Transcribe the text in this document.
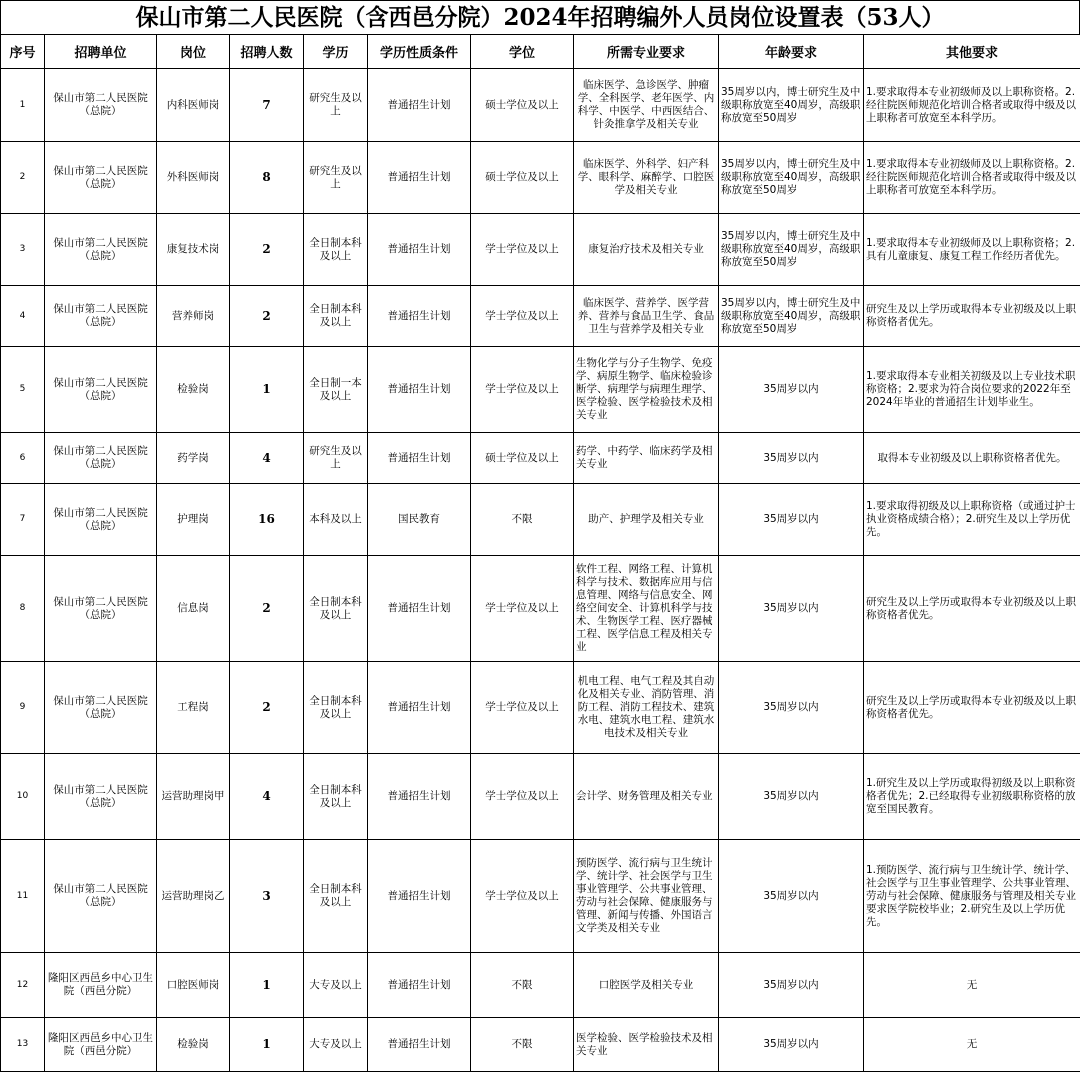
保山市第二人民医院（含西邑分院）2024年招聘编外人员岗位设置表（53人）
序号	招聘单位	岗位	招聘人数	学历	学历性质条件	学位	所需专业要求	年龄要求	其他要求
1	保山市第二人民医院（总院）	内科医师岗	7	研究生及以上	普通招生计划	硕士学位及以上	临床医学、急诊医学、肿瘤学、全科医学、老年医学、内科学、中医学、中西医结合、针灸推拿学及相关专业	35周岁以内，博士研究生及中级职称放宽至40周岁，高级职称放宽至50周岁	1.要求取得本专业初级师及以上职称资格。2.经往院医师规范化培训合格者或取得中级及以上职称者可放宽至本科学历。
2	保山市第二人民医院（总院）	外科医师岗	8	研究生及以上	普通招生计划	硕士学位及以上	临床医学、外科学、妇产科学、眼科学、麻醉学、口腔医学及相关专业	35周岁以内，博士研究生及中级职称放宽至40周岁，高级职称放宽至50周岁	1.要求取得本专业初级师及以上职称资格。2.经往院医师规范化培训合格者或取得中级及以上职称者可放宽至本科学历。
3	保山市第二人民医院（总院）	康复技术岗	2	全日制本科及以上	普通招生计划	学士学位及以上	康复治疗技术及相关专业	35周岁以内，博士研究生及中级职称放宽至40周岁，高级职称放宽至50周岁	1.要求取得本专业初级师及以上职称资格；2.具有儿童康复、康复工程工作经历者优先。
4	保山市第二人民医院（总院）	营养师岗	2	全日制本科及以上	普通招生计划	学士学位及以上	临床医学、营养学、医学营养、营养与食品卫生学、食品卫生与营养学及相关专业	35周岁以内，博士研究生及中级职称放宽至40周岁，高级职称放宽至50周岁	研究生及以上学历或取得本专业初级及以上职称资格者优先。
5	保山市第二人民医院（总院）	检验岗	1	全日制一本及以上	普通招生计划	学士学位及以上	生物化学与分子生物学、免疫学、病原生物学、临床检验诊断学、病理学与病理生理学、医学检验、医学检验技术及相关专业	35周岁以内	1.要求取得本专业相关初级及以上专业技术职称资格；2.要求为符合岗位要求的2022年至2024年毕业的普通招生计划毕业生。
6	保山市第二人民医院（总院）	药学岗	4	研究生及以上	普通招生计划	硕士学位及以上	药学、中药学、临床药学及相关专业	35周岁以内	取得本专业初级及以上职称资格者优先。
7	保山市第二人民医院（总院）	护理岗	16	本科及以上	国民教育	不限	助产、护理学及相关专业	35周岁以内	1.要求取得初级及以上职称资格（或通过护士执业资格成绩合格）；2.研究生及以上学历优先。
8	保山市第二人民医院（总院）	信息岗	2	全日制本科及以上	普通招生计划	学士学位及以上	软件工程、网络工程、计算机科学与技术、数据库应用与信息管理、网络与信息安全、网络空间安全、计算机科学与技术、生物医学工程、医疗器械工程、医学信息工程及相关专业	35周岁以内	研究生及以上学历或取得本专业初级及以上职称资格者优先。
9	保山市第二人民医院（总院）	工程岗	2	全日制本科及以上	普通招生计划	学士学位及以上	机电工程、电气工程及其自动化及相关专业、消防管理、消防工程、消防工程技术、建筑水电、建筑水电工程、建筑水电技术及相关专业	35周岁以内	研究生及以上学历或取得本专业初级及以上职称资格者优先。
10	保山市第二人民医院（总院）	运营助理岗甲	4	全日制本科及以上	普通招生计划	学士学位及以上	会计学、财务管理及相关专业	35周岁以内	1.研究生及以上学历或取得初级及以上职称资格者优先；2.已经取得专业初级职称资格的放宽至国民教育。
11	保山市第二人民医院（总院）	运营助理岗乙	3	全日制本科及以上	普通招生计划	学士学位及以上	预防医学、流行病与卫生统计学、统计学、社会医学与卫生事业管理学、公共事业管理、劳动与社会保障、健康服务与管理、新闻与传播、外国语言文学类及相关专业	35周岁以内	1.预防医学、流行病与卫生统计学、统计学、社会医学与卫生事业管理学、公共事业管理、劳动与社会保障、健康服务与管理及相关专业要求医学院校毕业；2.研究生及以上学历优先。
12	隆阳区西邑乡中心卫生院（西邑分院）	口腔医师岗	1	大专及以上	普通招生计划	不限	口腔医学及相关专业	35周岁以内	无
13	隆阳区西邑乡中心卫生院（西邑分院）	检验岗	1	大专及以上	普通招生计划	不限	医学检验、医学检验技术及相关专业	35周岁以内	无
